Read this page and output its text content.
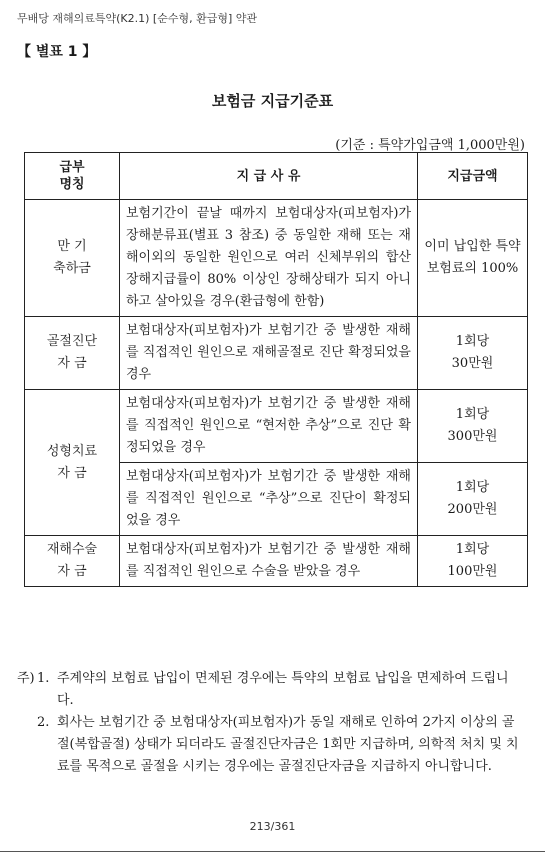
무배당 재해의료특약(K2.1) [순수형, 환급형] 약관
【 별표 1 】
보험금 지급기준표
(기준 : 특약가입금액 1,000만원)
급부
명칭	지 급 사 유	지급금액
만 기
축하금	보험기간이 끝날 때까지 보험대상자(피보험자)가 장해분류표(별표 3 참조) 중 동일한 재해 또는 재해이외의 동일한 원인으로 여러 신체부위의 합산 장해지급률이 80% 이상인 장해상태가 되지 아니하고 살아있을 경우(환급형에 한함)	이미 납입한 특약 보험료의 100%
골절진단
자 금	보험대상자(피보험자)가 보험기간 중 발생한 재해를 직접적인 원인으로 재해골절로 진단 확정되었을 경우	1회당
30만원
성형치료
자 금	보험대상자(피보험자)가 보험기간 중 발생한 재해를 직접적인 원인으로 “현저한 추상”으로 진단 확정되었을 경우	1회당
300만원
	보험대상자(피보험자)가 보험기간 중 발생한 재해를 직접적인 원인으로 “추상”으로 진단이 확정되었을 경우	1회당
200만원
재해수술
자 금	보험대상자(피보험자)가 보험기간 중 발생한 재해를 직접적인 원인으로 수술을 받았을 경우	1회당
100만원
주) 1. 주계약의 보험료 납입이 면제된 경우에는 특약의 보험료 납입을 면제하여 드립니다.
2. 회사는 보험기간 중 보험대상자(피보험자)가 동일 재해로 인하여 2가지 이상의 골절(복합골절) 상태가 되더라도 골절진단자금은 1회만 지급하며, 의학적 처치 및 치료를 목적으로 골절을 시키는 경우에는 골절진단자금을 지급하지 아니합니다.
213/361
